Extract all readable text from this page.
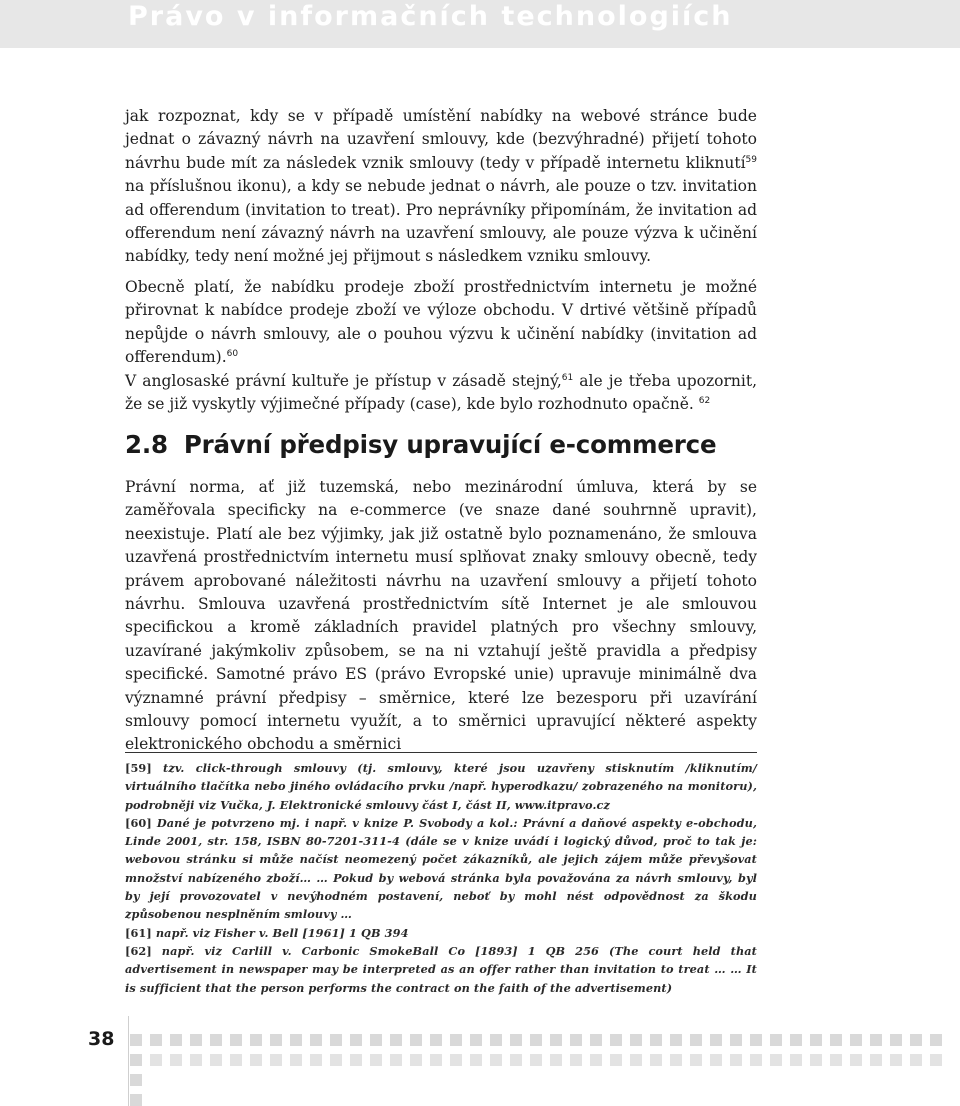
Právo v informačních technologiích

jak rozpoznat, kdy se v případě umístění nabídky na webové stránce bude jednat o závazný návrh na uzavření smlouvy, kde (bezvýhradné) přijetí tohoto návrhu bude mít za následek vznik smlouvy (tedy v případě internetu kliknutí$^{59}$ na příslušnou ikonu), a kdy se nebude jednat o návrh, ale pouze o tzv. invitation ad offerendum (invitation to treat). Pro neprávníky připomínám, že invitation ad offerendum není závazný návrh na uzavření smlouvy, ale pouze výzva k učinění nabídky, tedy není možné jej přijmout s následkem vzniku smlouvy.

Obecně platí, že nabídku prodeje zboží prostřednictvím internetu je možné přirovnat k nabídce prodeje zboží ve výloze obchodu. V drtivé většině případů nepůjde o návrh smlouvy, ale o pouhou výzvu k učinění nabídky (invitation ad offerendum).$^{60}$
V anglosaské právní kultuře je přístup v zásadě stejný,$^{61}$ ale je třeba upozornit, že se již vyskytly výjimečné případy (case), kde bylo rozhodnuto opačně. $^{62}$

2.8 Právní předpisy upravující e-commerce

Právní norma, ať již tuzemská, nebo mezinárodní úmluva, která by se zaměřovala specificky na e-commerce (ve snaze dané souhrnně upravit), neexistuje. Platí ale bez výjimky, jak již ostatně bylo poznamenáno, že smlouva uzavřená prostřednictvím internetu musí splňovat znaky smlouvy obecně, tedy právem aprobované náležitosti návrhu na uzavření smlouvy a přijetí tohoto návrhu. Smlouva uzavřená prostřednictvím sítě Internet je ale smlouvou specifickou a kromě základních pravidel platných pro všechny smlouvy, uzavírané jakýmkoliv způsobem, se na ni vztahují ještě pravidla a předpisy specifické. Samotné právo ES (právo Evropské unie) upravuje minimálně dva významné právní předpisy – směrnice, které lze bezesporu při uzavírání smlouvy pomocí internetu využít, a to směrnici upravující některé aspekty elektronického obchodu a směrnici

[59] tzv. click-through smlouvy (tj. smlouvy, které jsou uzavřeny stisknutím /kliknutím/ virtuálního tlačítka nebo jiného ovládacího prvku /např. hyperodkazu/ zobrazeného na monitoru), podrobněji viz Vučka, J. Elektronické smlouvy část I, část II, www.itpravo.cz

[60] Dané je potvrzeno mj. i např. v knize P. Svobody a kol.: Právní a daňové aspekty e-obchodu, Linde 2001, str. 158, ISBN 80-7201-311-4 (dále se v knize uvádí i logický důvod, proč to tak je: webovou stránku si může načíst neomezený počet zákazníků, ale jejich zájem může převyšovat množství nabízeného zboží… … Pokud by webová stránka byla považována za návrh smlouvy, byl by její provozovatel v nevýhodném postavení, neboť by mohl nést odpovědnost za škodu způsobenou nesplněním smlouvy …

[61] např. viz Fisher v. Bell [1961] 1 QB 394

[62] např. viz Carlill v. Carbonic SmokeBall Co [1893] 1 QB 256 (The court held that advertisement in newspaper may be interpreted as an offer rather than invitation to treat … … It is sufficient that the person performs the contract on the faith of the advertisement)

38
